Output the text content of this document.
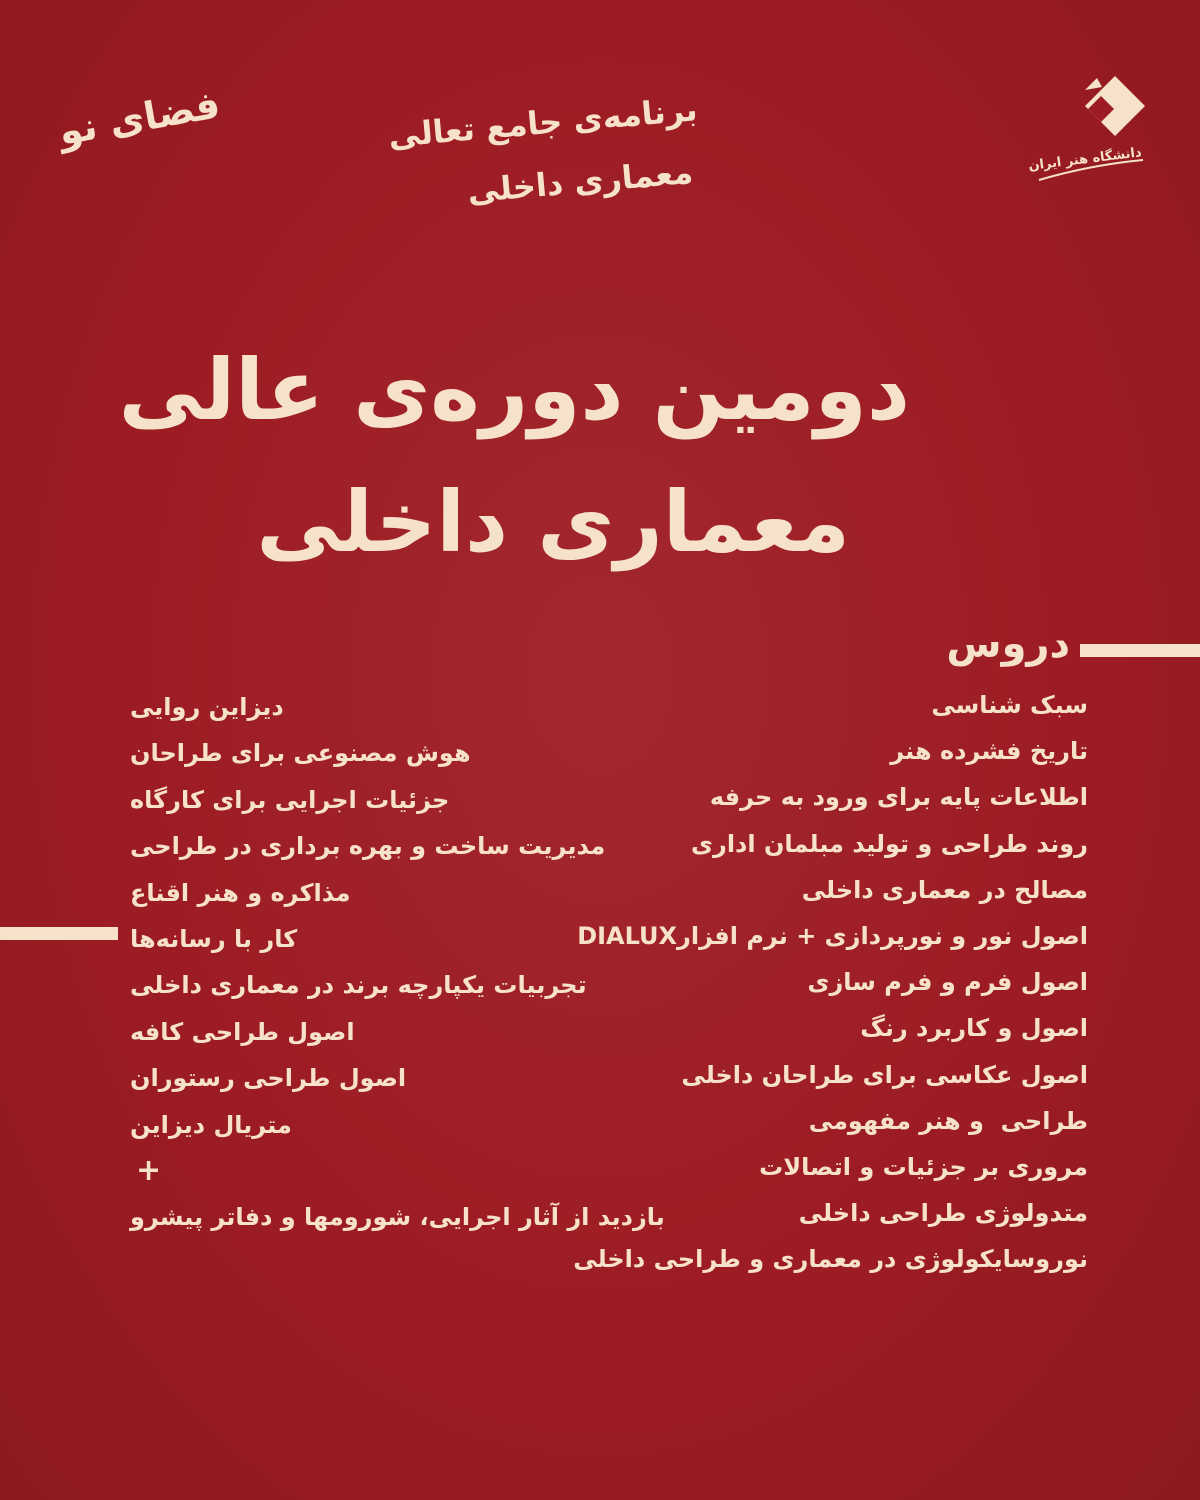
فضای نو	برنامه‌ی جامع تعالی
معماری داخلی	دانشگاه هنر ایران
دومین دوره‌ی عالی
معماری داخلی
دروس
سبک شناسی
تاریخ فشرده هنر
اطلاعات پایه برای ورود به حرفه
روند طراحی و تولید مبلمان اداری
مصالح در معماری داخلی
اصول نور و نورپردازی + نرم افزارDIALUX
اصول فرم و فرم سازی
اصول و کاربرد رنگ
اصول عکاسی برای طراحان داخلی
طراحی  و هنر مفهومی
مروری بر جزئیات و اتصالات
متدولوژی طراحی داخلی
نوروسایکولوژی در معماری و طراحی داخلی
دیزاین روایی
هوش مصنوعی برای طراحان
جزئیات اجرایی برای کارگاه
مدیریت ساخت و بهره برداری در طراحی
مذاکره و هنر اقناع
کار با رسانه‌ها
تجربیات یکپارچه برند در معماری داخلی
اصول طراحی کافه
اصول طراحی رستوران
متریال دیزاین
+
بازدید از آثار اجرایی، شورومها و دفاتر پیشرو
